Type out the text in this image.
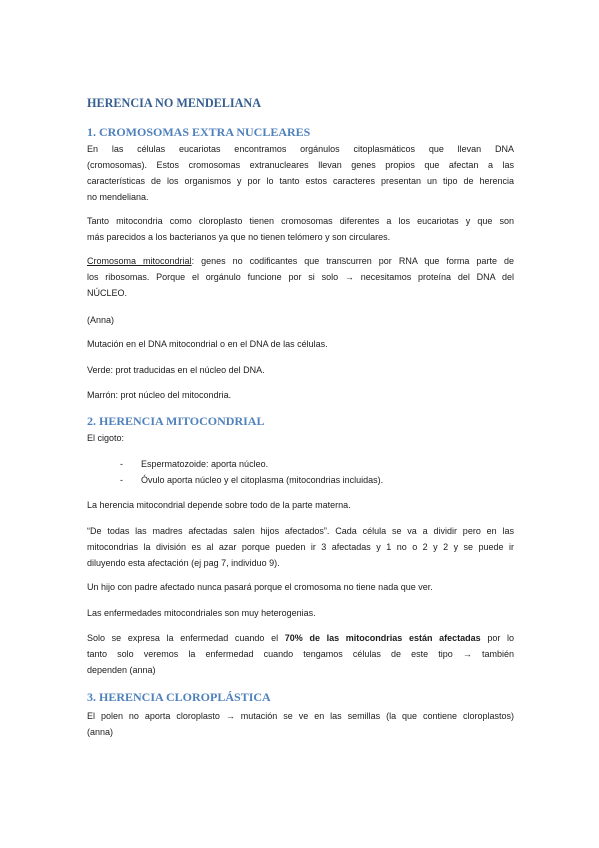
HERENCIA NO MENDELIANA
1. CROMOSOMAS EXTRA NUCLEARES
En las células eucariotas encontramos orgánulos citoplasmáticos que llevan DNA
(cromosomas). Estos cromosomas extranucleares llevan genes propios que afectan a las
características de los organismos y por lo tanto estos caracteres presentan un tipo de herencia
no mendeliana.
Tanto mitocondria como cloroplasto tienen cromosomas diferentes a los eucariotas y que son
más parecidos a los bacterianos ya que no tienen telómero y son circulares.
Cromosoma mitocondrial: genes no codificantes que transcurren por RNA que forma parte de
los ribosomas. Porque el orgánulo funcione por si solo → necesitamos proteína del DNA del
NÚCLEO.
(Anna)
Mutación en el DNA mitocondrial o en el DNA de las células.
Verde: prot traducidas en el núcleo del DNA.
Marrón: prot núcleo del mitocondria.
2. HERENCIA MITOCONDRIAL
El cigoto:
- Espermatozoide: aporta núcleo.
- Óvulo aporta núcleo y el citoplasma (mitocondrias incluidas).
La herencia mitocondrial depende sobre todo de la parte materna.
“De todas las madres afectadas salen hijos afectados”. Cada célula se va a dividir pero en las
mitocondrias la división es al azar porque pueden ir 3 afectadas y 1 no o 2 y 2 y se puede ir
diluyendo esta afectación (ej pag 7, individuo 9).
Un hijo con padre afectado nunca pasará porque el cromosoma no tiene nada que ver.
Las enfermedades mitocondriales son muy heterogenias.
Solo se expresa la enfermedad cuando el 70% de las mitocondrias están afectadas por lo
tanto solo veremos la enfermedad cuando tengamos células de este tipo → también
dependen (anna)
3. HERENCIA CLOROPLÁSTICA
El polen no aporta cloroplasto → mutación se ve en las semillas (la que contiene cloroplastos)
(anna)
